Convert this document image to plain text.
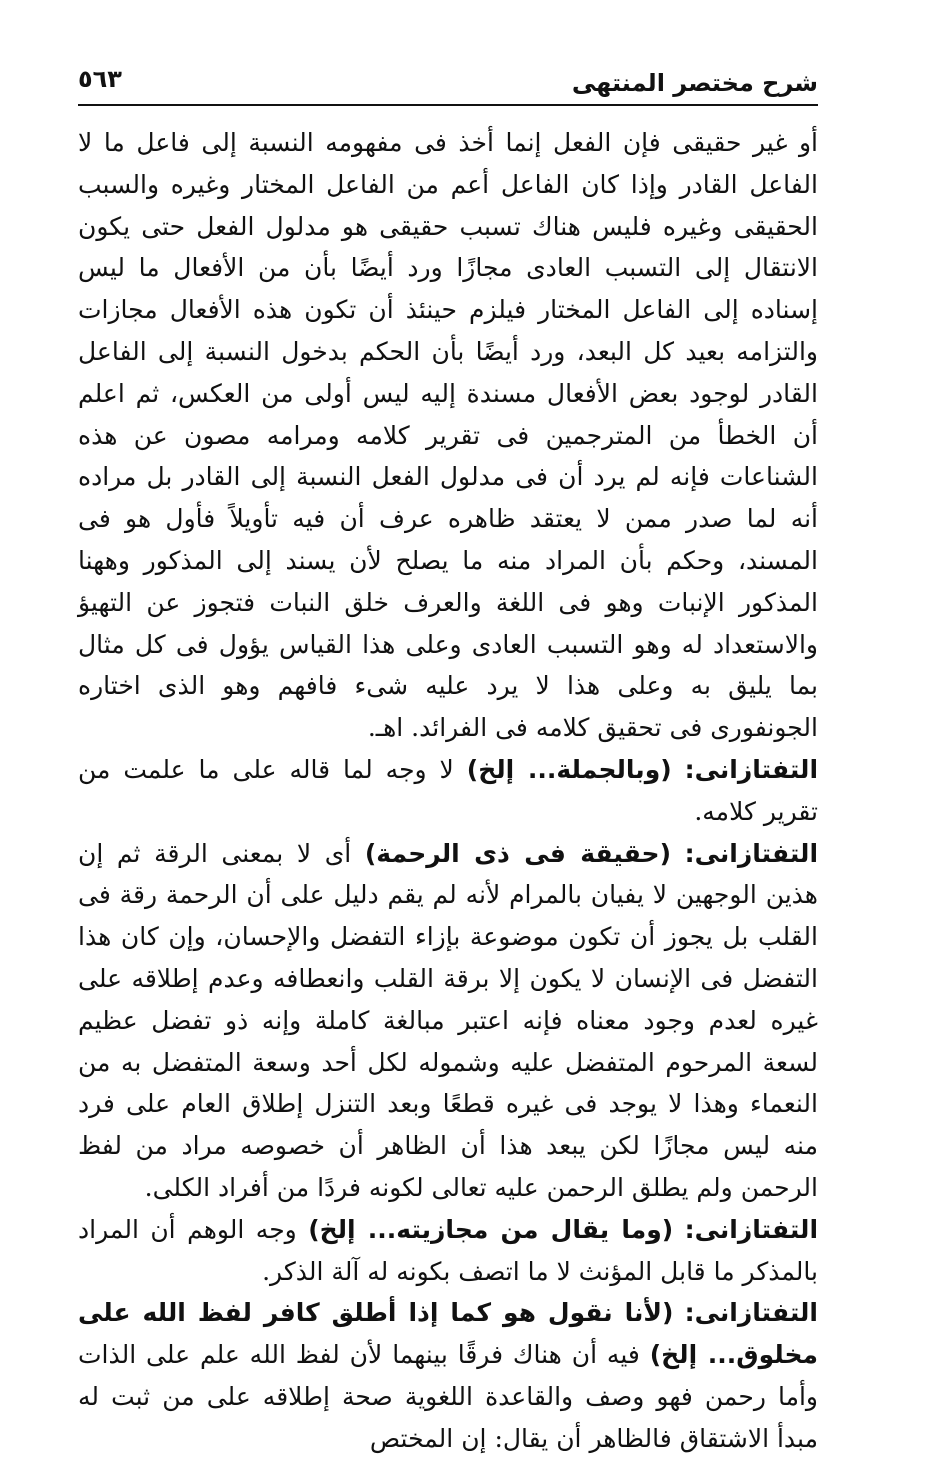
شرح مختصر المنتهى
٥٦٣

أو غير حقيقى فإن الفعل إنما أخذ فى مفهومه النسبة إلى فاعل ما لا الفاعل القادر وإذا كان الفاعل أعم من الفاعل المختار وغيره والسبب الحقيقى وغيره فليس هناك تسبب حقيقى هو مدلول الفعل حتى يكون الانتقال إلى التسبب العادى مجازًا ورد أيضًا بأن من الأفعال ما ليس إسناده إلى الفاعل المختار فيلزم حينئذ أن تكون هذه الأفعال مجازات والتزامه بعيد كل البعد، ورد أيضًا بأن الحكم بدخول النسبة إلى الفاعل القادر لوجود بعض الأفعال مسندة إليه ليس أولى من العكس، ثم اعلم أن الخطأ من المترجمين فى تقرير كلامه ومرامه مصون عن هذه الشناعات فإنه لم يرد أن فى مدلول الفعل النسبة إلى القادر بل مراده أنه لما صدر ممن لا يعتقد ظاهره عرف أن فيه تأويلاً فأول هو فى المسند، وحكم بأن المراد منه ما يصلح لأن يسند إلى المذكور وههنا المذكور الإنبات وهو فى اللغة والعرف خلق النبات فتجوز عن التهيؤ والاستعداد له وهو التسبب العادى وعلى هذا القياس يؤول فى كل مثال بما يليق به وعلى هذا لا يرد عليه شىء فافهم وهو الذى اختاره الجونفورى فى تحقيق كلامه فى الفرائد. اهـ.

التفتازانى: (وبالجملة... إلخ) لا وجه لما قاله على ما علمت من تقرير كلامه.

التفتازانى: (حقيقة فى ذى الرحمة) أى لا بمعنى الرقة ثم إن هذين الوجهين لا يفيان بالمرام لأنه لم يقم دليل على أن الرحمة رقة فى القلب بل يجوز أن تكون موضوعة بإزاء التفضل والإحسان، وإن كان هذا التفضل فى الإنسان لا يكون إلا برقة القلب وانعطافه وعدم إطلاقه على غيره لعدم وجود معناه فإنه اعتبر مبالغة كاملة وإنه ذو تفضل عظيم لسعة المرحوم المتفضل عليه وشموله لكل أحد وسعة المتفضل به من النعماء وهذا لا يوجد فى غيره قطعًا وبعد التنزل إطلاق العام على فرد منه ليس مجازًا لكن يبعد هذا أن الظاهر أن خصوصه مراد من لفظ الرحمن ولم يطلق الرحمن عليه تعالى لكونه فردًا من أفراد الكلى.

التفتازانى: (وما يقال من مجازيته... إلخ) وجه الوهم أن المراد بالمذكر ما قابل المؤنث لا ما اتصف بكونه له آلة الذكر.

التفتازانى: (لأنا نقول هو كما إذا أطلق كافر لفظ الله على مخلوق... إلخ) فيه أن هناك فرقًا بينهما لأن لفظ الله علم على الذات وأما رحمن فهو وصف والقاعدة اللغوية صحة إطلاقه على من ثبت له مبدأ الاشتقاق فالظاهر أن يقال: إن المختص
